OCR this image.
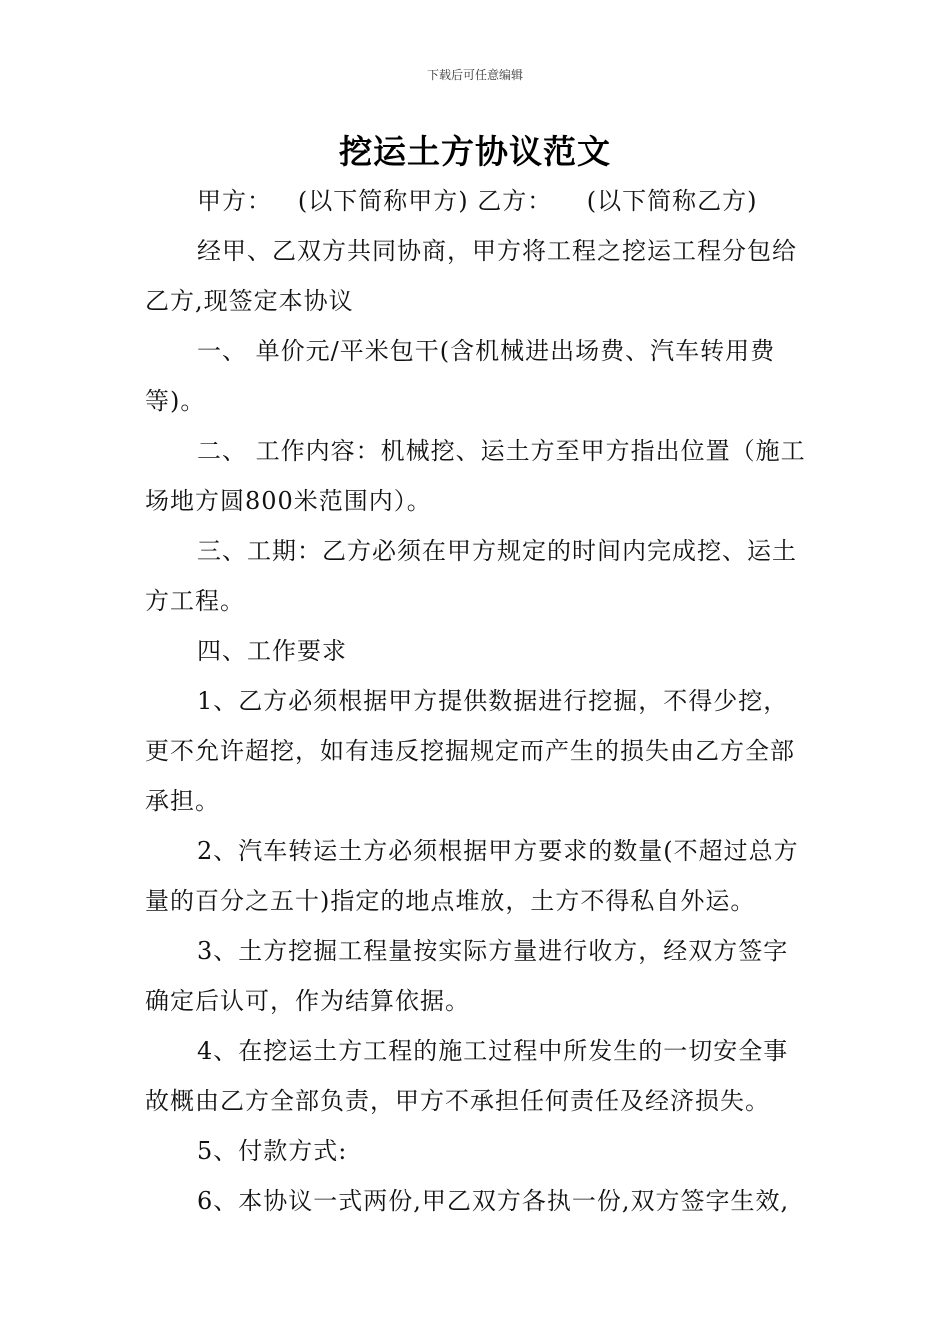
下载后可任意编辑
挖运土方协议范文

甲方：   (以下简称甲方) 乙方：    (以下简称乙方)

经甲、乙双方共同协商，甲方将工程之挖运工程分包给乙方,现签定本协议

一、 单价元/平米包干(含机械进出场费、汽车转用费等)。

二、 工作内容：机械挖、运土方至甲方指出位置（施工场地方圆800米范围内）。

三、工期：乙方必须在甲方规定的时间内完成挖、运土方工程。

四、工作要求

1、乙方必须根据甲方提供数据进行挖掘，不得少挖，更不允许超挖，如有违反挖掘规定而产生的损失由乙方全部承担。

2、汽车转运土方必须根据甲方要求的数量(不超过总方量的百分之五十)指定的地点堆放，土方不得私自外运。

3、土方挖掘工程量按实际方量进行收方，经双方签字确定后认可，作为结算依据。

4、在挖运土方工程的施工过程中所发生的一切安全事故概由乙方全部负责，甲方不承担任何责任及经济损失。

5、付款方式:

6、本协议一式两份,甲乙双方各执一份,双方签字生效,
